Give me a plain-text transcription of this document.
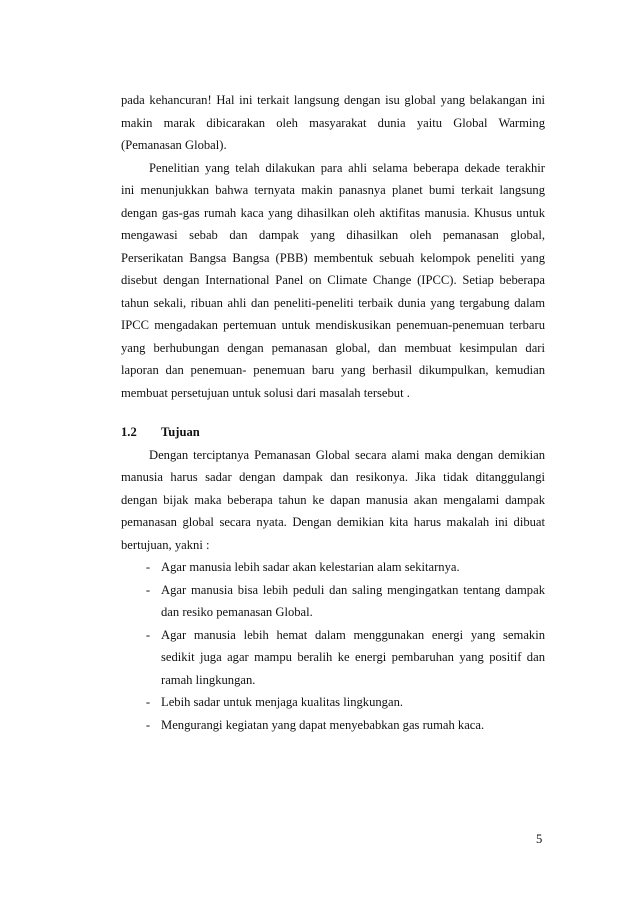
pada kehancuran! Hal ini terkait langsung dengan isu global yang belakangan ini
makin marak dibicarakan oleh masyarakat dunia yaitu Global Warming
(Pemanasan Global).
Penelitian yang telah dilakukan para ahli selama beberapa dekade terakhir
ini menunjukkan bahwa ternyata makin panasnya planet bumi terkait langsung
dengan gas-gas rumah kaca yang dihasilkan oleh aktifitas manusia. Khusus untuk
mengawasi sebab dan dampak yang dihasilkan oleh pemanasan global,
Perserikatan Bangsa Bangsa (PBB) membentuk sebuah kelompok peneliti yang
disebut dengan International Panel on Climate Change (IPCC). Setiap beberapa
tahun sekali, ribuan ahli dan peneliti-peneliti terbaik dunia yang tergabung dalam
IPCC mengadakan pertemuan untuk mendiskusikan penemuan-penemuan terbaru
yang berhubungan dengan pemanasan global, dan membuat kesimpulan dari
laporan dan penemuan- penemuan baru yang berhasil dikumpulkan, kemudian
membuat persetujuan untuk solusi dari masalah tersebut .
1.2 Tujuan
Dengan terciptanya Pemanasan Global secara alami maka dengan demikian
manusia harus sadar dengan dampak dan resikonya. Jika tidak ditanggulangi
dengan bijak maka beberapa tahun ke dapan manusia akan mengalami dampak
pemanasan global secara nyata. Dengan demikian kita harus makalah ini dibuat
bertujuan, yakni :
- Agar manusia lebih sadar akan kelestarian alam sekitarnya.
- Agar manusia bisa lebih peduli dan saling mengingatkan tentang dampak
dan resiko pemanasan Global.
- Agar manusia lebih hemat dalam menggunakan energi yang semakin
sedikit juga agar mampu beralih ke energi pembaruhan yang positif dan
ramah lingkungan.
- Lebih sadar untuk menjaga kualitas lingkungan.
- Mengurangi kegiatan yang dapat menyebabkan gas rumah kaca.
5
